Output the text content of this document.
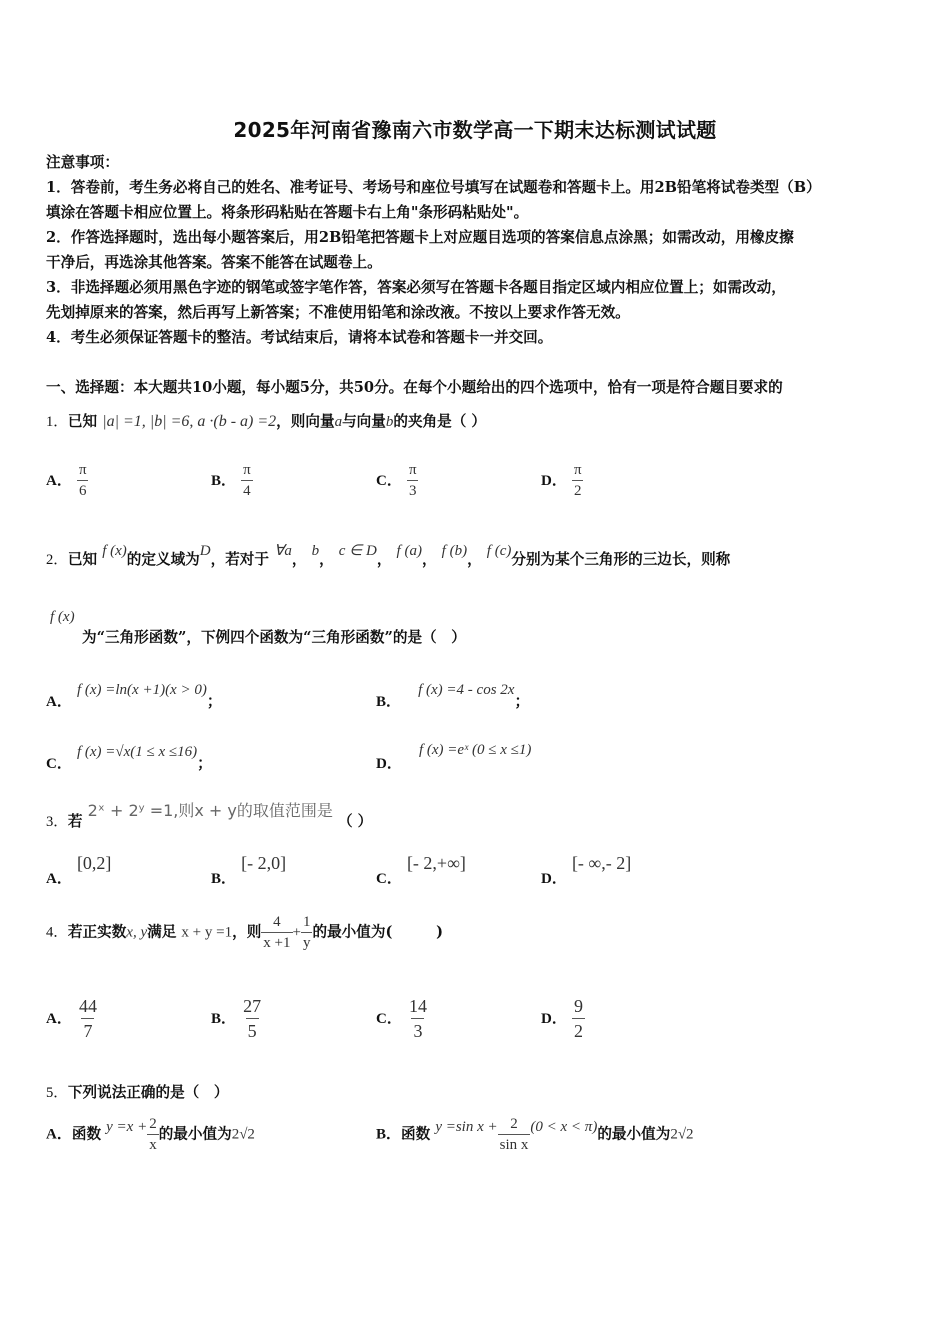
2025年河南省豫南六市数学高一下期末达标测试试题
注意事项：
1．答卷前，考生务必将自己的姓名、准考证号、考场号和座位号填写在试题卷和答题卡上。用2B铅笔将试卷类型（B）
填涂在答题卡相应位置上。将条形码粘贴在答题卡右上角"条形码粘贴处"。
2．作答选择题时，选出每小题答案后，用2B铅笔把答题卡上对应题目选项的答案信息点涂黑；如需改动，用橡皮擦
干净后，再选涂其他答案。答案不能答在试题卷上。
3．非选择题必须用黑色字迹的钢笔或签字笔作答，答案必须写在答题卡各题目指定区域内相应位置上；如需改动，
先划掉原来的答案，然后再写上新答案；不准使用铅笔和涂改液。不按以上要求作答无效。
4．考生必须保证答题卡的整洁。考试结束后，请将本试卷和答题卡一并交回。
一、选择题：本大题共10小题，每小题5分，共50分。在每个小题给出的四个选项中，恰有一项是符合题目要求的
1．已知 |a| =1, |b| =6, a ·(b - a) =2，则向量a与向量b的夹角是（ ）
A． $\frac{\pi}{6}$	B． $\frac{\pi}{4}$	C． $\frac{\pi}{3}$	D． $\frac{\pi}{2}$
2．已知 f (x)的定义域为D，若对于 ∀a， b， c ∈ D， f (a)， f (b)， f (c)分别为某个三角形的三边长，则称
f (x)
为“三角形函数”，下例四个函数为“三角形函数”的是（　）
A． f (x) =ln(x +1)(x > 0)；	B． f (x) =4 - cos 2x；
C． f (x) =√x(1 ≤ x ≤16)；	D． f (x) =eˣ (0 ≤ x ≤1)
3．若 2ˣ + 2ʸ =1,则x + y的取值范围是 （ ）
A． [0,2]
B． [- 2,0]
C． [- 2,+∞]
D． [- ∞,- 2]
4．若正实数x, y满足 x + y =1，则 $\frac{4}{x +1} + \frac{1}{y}$ 的最小值为(　　　)
A． $\frac{44}{7}$	B． $\frac{27}{5}$	C． $\frac{14}{3}$	D． $\frac{9}{2}$
5．下列说法正确的是（　）
A．函数 $y =x + \frac{2}{x}$ 的最小值为2√2	B．函数 y =sin $x + \frac{2}{\text{sin x}} (0 < x < \pi)$的最小值为2√2
